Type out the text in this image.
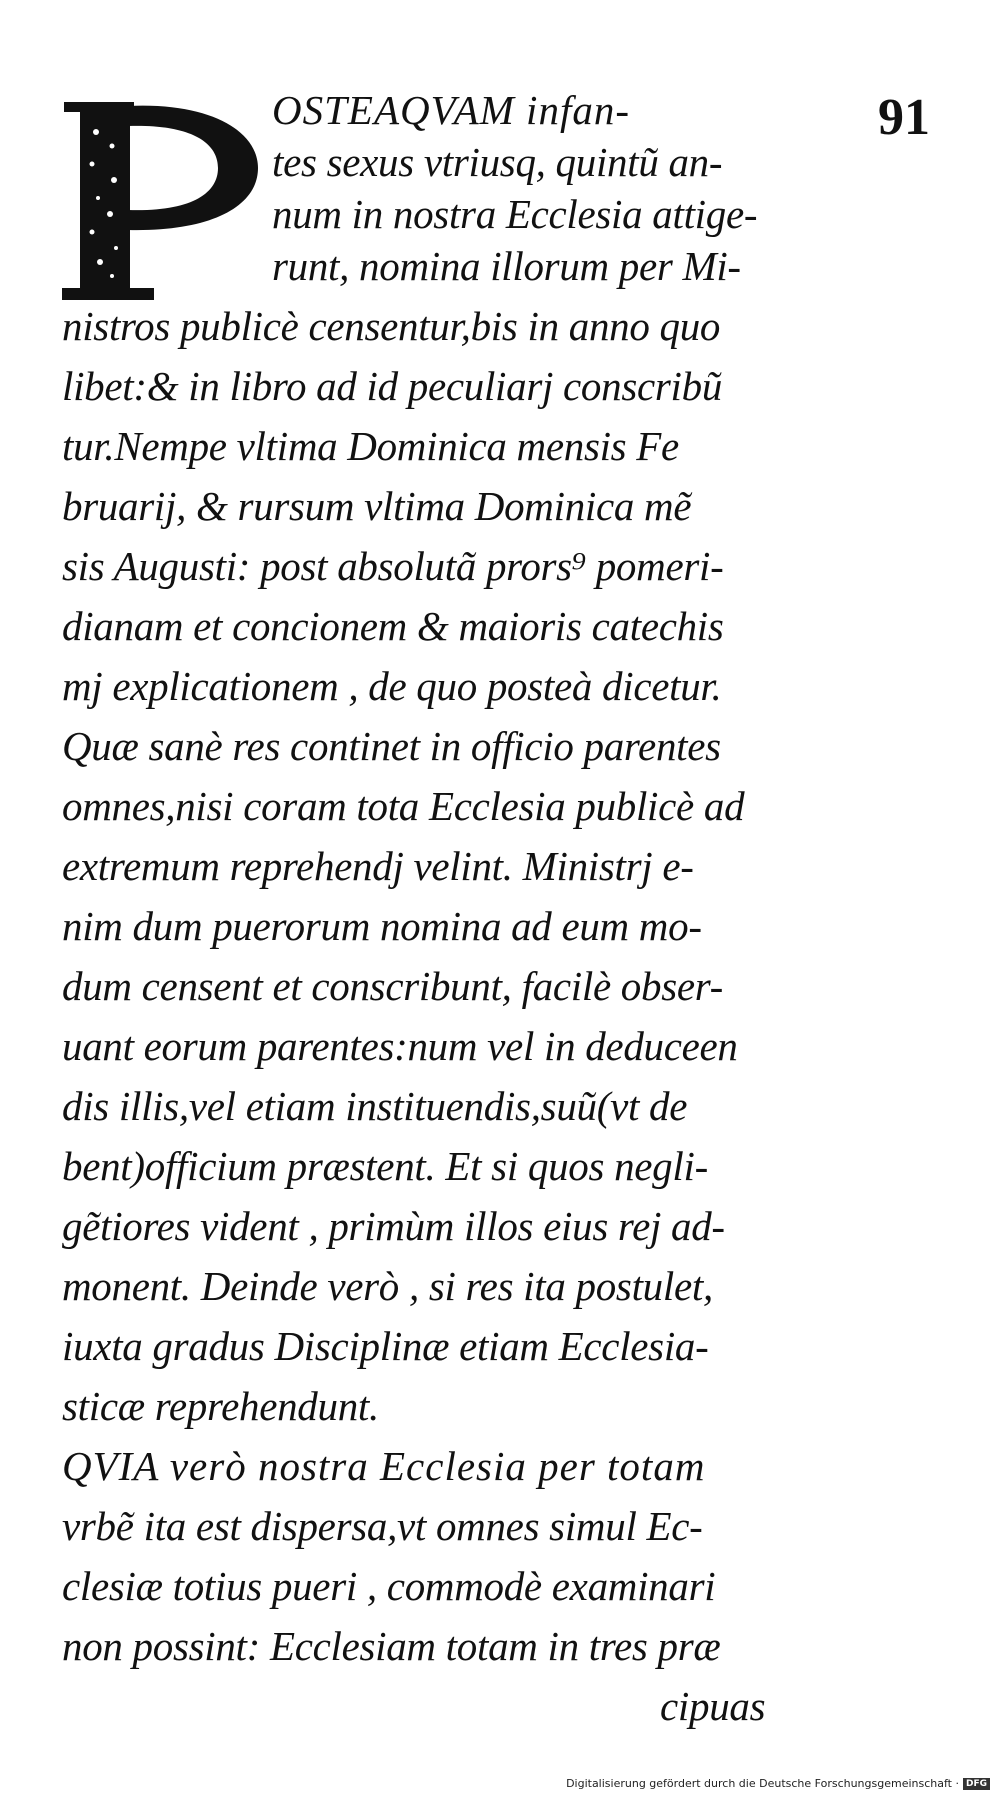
91
OSTEAQVAM infan-
tes sexus vtriusq, quintũ an-
num in nostra Ecclesia attige-
runt, nomina illorum per Mi-
nistros publicè censentur,bis in anno quo
libet:& in libro ad id peculiarj conscribũ
tur.Nempe vltima Dominica mensis Fe
bruarij, & rursum vltima Dominica mẽ
sis Augusti: post absolutã prors⁹ pomeri-
dianam et concionem & maioris catechis
mj explicationem , de quo posteà dicetur.
Quæ sanè res continet in officio parentes
omnes,nisi coram tota Ecclesia publicè ad
extremum reprehendj velint. Ministrj e-
nim dum puerorum nomina ad eum mo-
dum censent et conscribunt, facilè obser-
uant eorum parentes:num vel in deduceen
dis illis,vel etiam instituendis,suũ(vt de
bent)officium præstent. Et si quos negli-
gẽtiores vident , primùm illos eius rej ad-
monent. Deinde verò , si res ita postulet,
iuxta gradus Disciplinæ etiam Ecclesia-
sticæ reprehendunt.
QVIA verò nostra Ecclesia per totam
vrbẽ ita est dispersa,vt omnes simul Ec-
clesiæ totius pueri , commodè examinari
non possint: Ecclesiam totam in tres præ
cipuas
Digitalisierung gefördert durch die Deutsche Forschungsgemeinschaft · DFG
